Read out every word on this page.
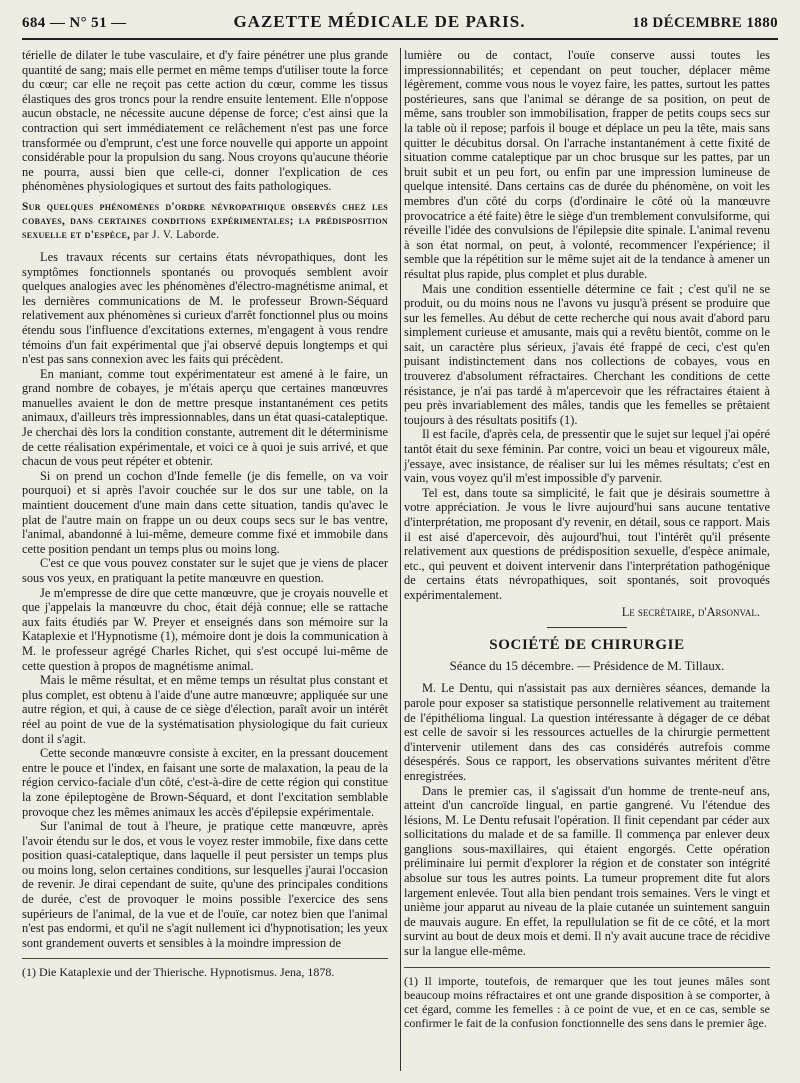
684 — N° 51 —	GAZETTE MÉDICALE DE PARIS.	18 DÉCEMBRE 1880

térielle de dilater le tube vasculaire, et d'y faire pénétrer une plus grande quantité de sang; mais elle permet en même temps d'utiliser toute la force du cœur; car elle ne reçoit pas cette action du cœur, comme les tissus élastiques des gros troncs pour la rendre ensuite lentement. Elle n'oppose aucun obstacle, ne nécessite aucune dépense de force; c'est ainsi que la contraction qui sert immédiatement ce relâchement n'est pas une force transformée ou d'emprunt, c'est une force nouvelle qui apporte un appoint considérable pour la propulsion du sang. Nous croyons qu'aucune théorie ne pourra, aussi bien que celle-ci, donner l'explication de ces phénomènes physiologiques et surtout des faits pathologiques.

Sur quelques phénomènes d'ordre névropathique observés chez les cobayes, dans certaines conditions expérimentales; la prédisposition sexuelle et d'espèce, par J. V. Laborde.

Les travaux récents sur certains états névropathiques, dont les symptômes fonctionnels spontanés ou provoqués semblent avoir quelques analogies avec les phénomènes d'électro-magnétisme animal, et les dernières communications de M. le professeur Brown-Séquard relativement aux phénomènes si curieux d'arrêt fonctionnel plus ou moins étendu sous l'influence d'excitations externes, m'engagent à vous rendre témoins d'un fait expérimental que j'ai observé depuis longtemps et qui n'est pas sans connexion avec les faits qui précèdent.

En maniant, comme tout expérimentateur est amené à le faire, un grand nombre de cobayes, je m'étais aperçu que certaines manœuvres manuelles avaient le don de mettre presque instantanément ces petits animaux, d'ailleurs très impressionnables, dans un état quasi-cataleptique. Je cherchai dès lors la condition constante, autrement dit le déterminisme de cette réalisation expérimentale, et voici ce à quoi je suis arrivé, et que chacun de vous peut répéter et obtenir.

Si on prend un cochon d'Inde femelle (je dis femelle, on va voir pourquoi) et si après l'avoir couchée sur le dos sur une table, on la maintient doucement d'une main dans cette situation, tandis qu'avec le plat de l'autre main on frappe un ou deux coups secs sur le bas ventre, l'animal, abandonné à lui-même, demeure comme fixé et immobile dans cette position pendant un temps plus ou moins long.

C'est ce que vous pouvez constater sur le sujet que je viens de placer sous vos yeux, en pratiquant la petite manœuvre en question.

Je m'empresse de dire que cette manœuvre, que je croyais nouvelle et que j'appelais la manœuvre du choc, était déjà connue; elle se rattache aux faits étudiés par W. Preyer et enseignés dans son mémoire sur la Kataplexie et l'Hypnotisme (1), mémoire dont je dois la communication à M. le professeur agrégé Charles Richet, qui s'est occupé lui-même de cette question à propos de magnétisme animal.

Mais le même résultat, et en même temps un résultat plus constant et plus complet, est obtenu à l'aide d'une autre manœuvre; appliquée sur une autre région, et qui, à cause de ce siège d'élection, paraît avoir un intérêt réel au point de vue de la systématisation physiologique du fait curieux dont il s'agit.

Cette seconde manœuvre consiste à exciter, en la pressant doucement entre le pouce et l'index, en faisant une sorte de malaxation, la peau de la région cervico-faciale d'un côté, c'est-à-dire de cette région qui constitue la zone épileptogène de Brown-Séquard, et dont l'excitation semblable provoque chez les mêmes animaux les accès d'épilepsie expérimentale.

Sur l'animal de tout à l'heure, je pratique cette manœuvre, après l'avoir étendu sur le dos, et vous le voyez rester immobile, fixe dans cette position quasi-cataleptique, dans laquelle il peut persister un temps plus ou moins long, selon certaines conditions, sur lesquelles j'aurai l'occasion de revenir. Je dirai cependant de suite, qu'une des principales conditions de durée, c'est de provoquer le moins possible l'exercice des sens supérieurs de l'animal, de la vue et de l'ouïe, car notez bien que l'animal n'est pas endormi, et qu'il ne s'agit nullement ici d'hypnotisation; les yeux sont grandement ouverts et sensibles à la moindre impression de

(1) Die Kataplexie und der Thierische. Hypnotismus. Jena, 1878.

lumière ou de contact, l'ouïe conserve aussi toutes les impressionnabilités; et cependant on peut toucher, déplacer même légèrement, comme vous nous le voyez faire, les pattes, surtout les pattes postérieures, sans que l'animal se dérange de sa position, on peut de même, sans troubler son immobilisation, frapper de petits coups secs sur la table où il repose; parfois il bouge et déplace un peu la tête, mais sans quitter le décubitus dorsal. On l'arrache instantanément à cette fixité de situation comme cataleptique par un choc brusque sur les pattes, par un bruit subit et un peu fort, ou enfin par une impression lumineuse de quelque intensité. Dans certains cas de durée du phénomène, on voit les membres d'un côté du corps (d'ordinaire le côté où la manœuvre provocatrice a été faite) être le siège d'un tremblement convulsiforme, qui réveille l'idée des convulsions de l'épilepsie dite spinale. L'animal revenu à son état normal, on peut, à volonté, recommencer l'expérience; il semble que la répétition sur le même sujet ait de la tendance à amener un résultat plus rapide, plus complet et plus durable.

Mais une condition essentielle détermine ce fait ; c'est qu'il ne se produit, ou du moins nous ne l'avons vu jusqu'à présent se produire que sur les femelles. Au début de cette recherche qui nous avait d'abord paru simplement curieuse et amusante, mais qui a revêtu bientôt, comme on le sait, un caractère plus sérieux, j'avais été frappé de ceci, c'est qu'en puisant indistinctement dans nos collections de cobayes, vous en trouverez d'absolument réfractaires. Cherchant les conditions de cette résistance, je n'ai pas tardé à m'apercevoir que les réfractaires étaient à peu près invariablement des mâles, tandis que les femelles se prêtaient toujours à des résultats positifs (1).

Il est facile, d'après cela, de pressentir que le sujet sur lequel j'ai opéré tantôt était du sexe féminin. Par contre, voici un beau et vigoureux mâle, j'essaye, avec insistance, de réaliser sur lui les mêmes résultats; c'est en vain, vous voyez qu'il m'est impossible d'y parvenir.

Tel est, dans toute sa simplicité, le fait que je désirais soumettre à votre appréciation. Je vous le livre aujourd'hui sans aucune tentative d'interprétation, me proposant d'y revenir, en détail, sous ce rapport. Mais il est aisé d'apercevoir, dès aujourd'hui, tout l'intérêt qu'il présente relativement aux questions de prédisposition sexuelle, d'espèce animale, etc., qui peuvent et doivent intervenir dans l'interprétation pathogénique de certains états névropathiques, soit spontanés, soit provoqués expérimentalement.

Le secrétaire, d'Arsonval.

SOCIÉTÉ DE CHIRURGIE

Séance du 15 décembre. — Présidence de M. Tillaux.

M. Le Dentu, qui n'assistait pas aux dernières séances, demande la parole pour exposer sa statistique personnelle relativement au traitement de l'épithélioma lingual. La question intéressante à dégager de ce débat est celle de savoir si les ressources actuelles de la chirurgie permettent d'intervenir utilement dans des cas considérés autrefois comme désespérés. Sous ce rapport, les observations suivantes méritent d'être enregistrées.

Dans le premier cas, il s'agissait d'un homme de trente-neuf ans, atteint d'un cancroïde lingual, en partie gangrené. Vu l'étendue des lésions, M. Le Dentu refusait l'opération. Il finit cependant par céder aux sollicitations du malade et de sa famille. Il commença par enlever deux ganglions sous-maxillaires, qui étaient engorgés. Cette opération préliminaire lui permit d'explorer la région et de constater son intégrité absolue sur tous les autres points. La tumeur proprement dite fut alors largement enlevée. Tout alla bien pendant trois semaines. Vers le vingt et unième jour apparut au niveau de la plaie cutanée un suintement sanguin de mauvais augure. En effet, la repullulation se fit de ce côté, et la mort survint au bout de deux mois et demi. Il n'y avait aucune trace de récidive sur la langue elle-même.

(1) Il importe, toutefois, de remarquer que les tout jeunes mâles sont beaucoup moins réfractaires et ont une grande disposition à se comporter, à cet égard, comme les femelles : à ce point de vue, et en ce cas, semble se confirmer le fait de la confusion fonctionnelle des sens dans le premier âge.
